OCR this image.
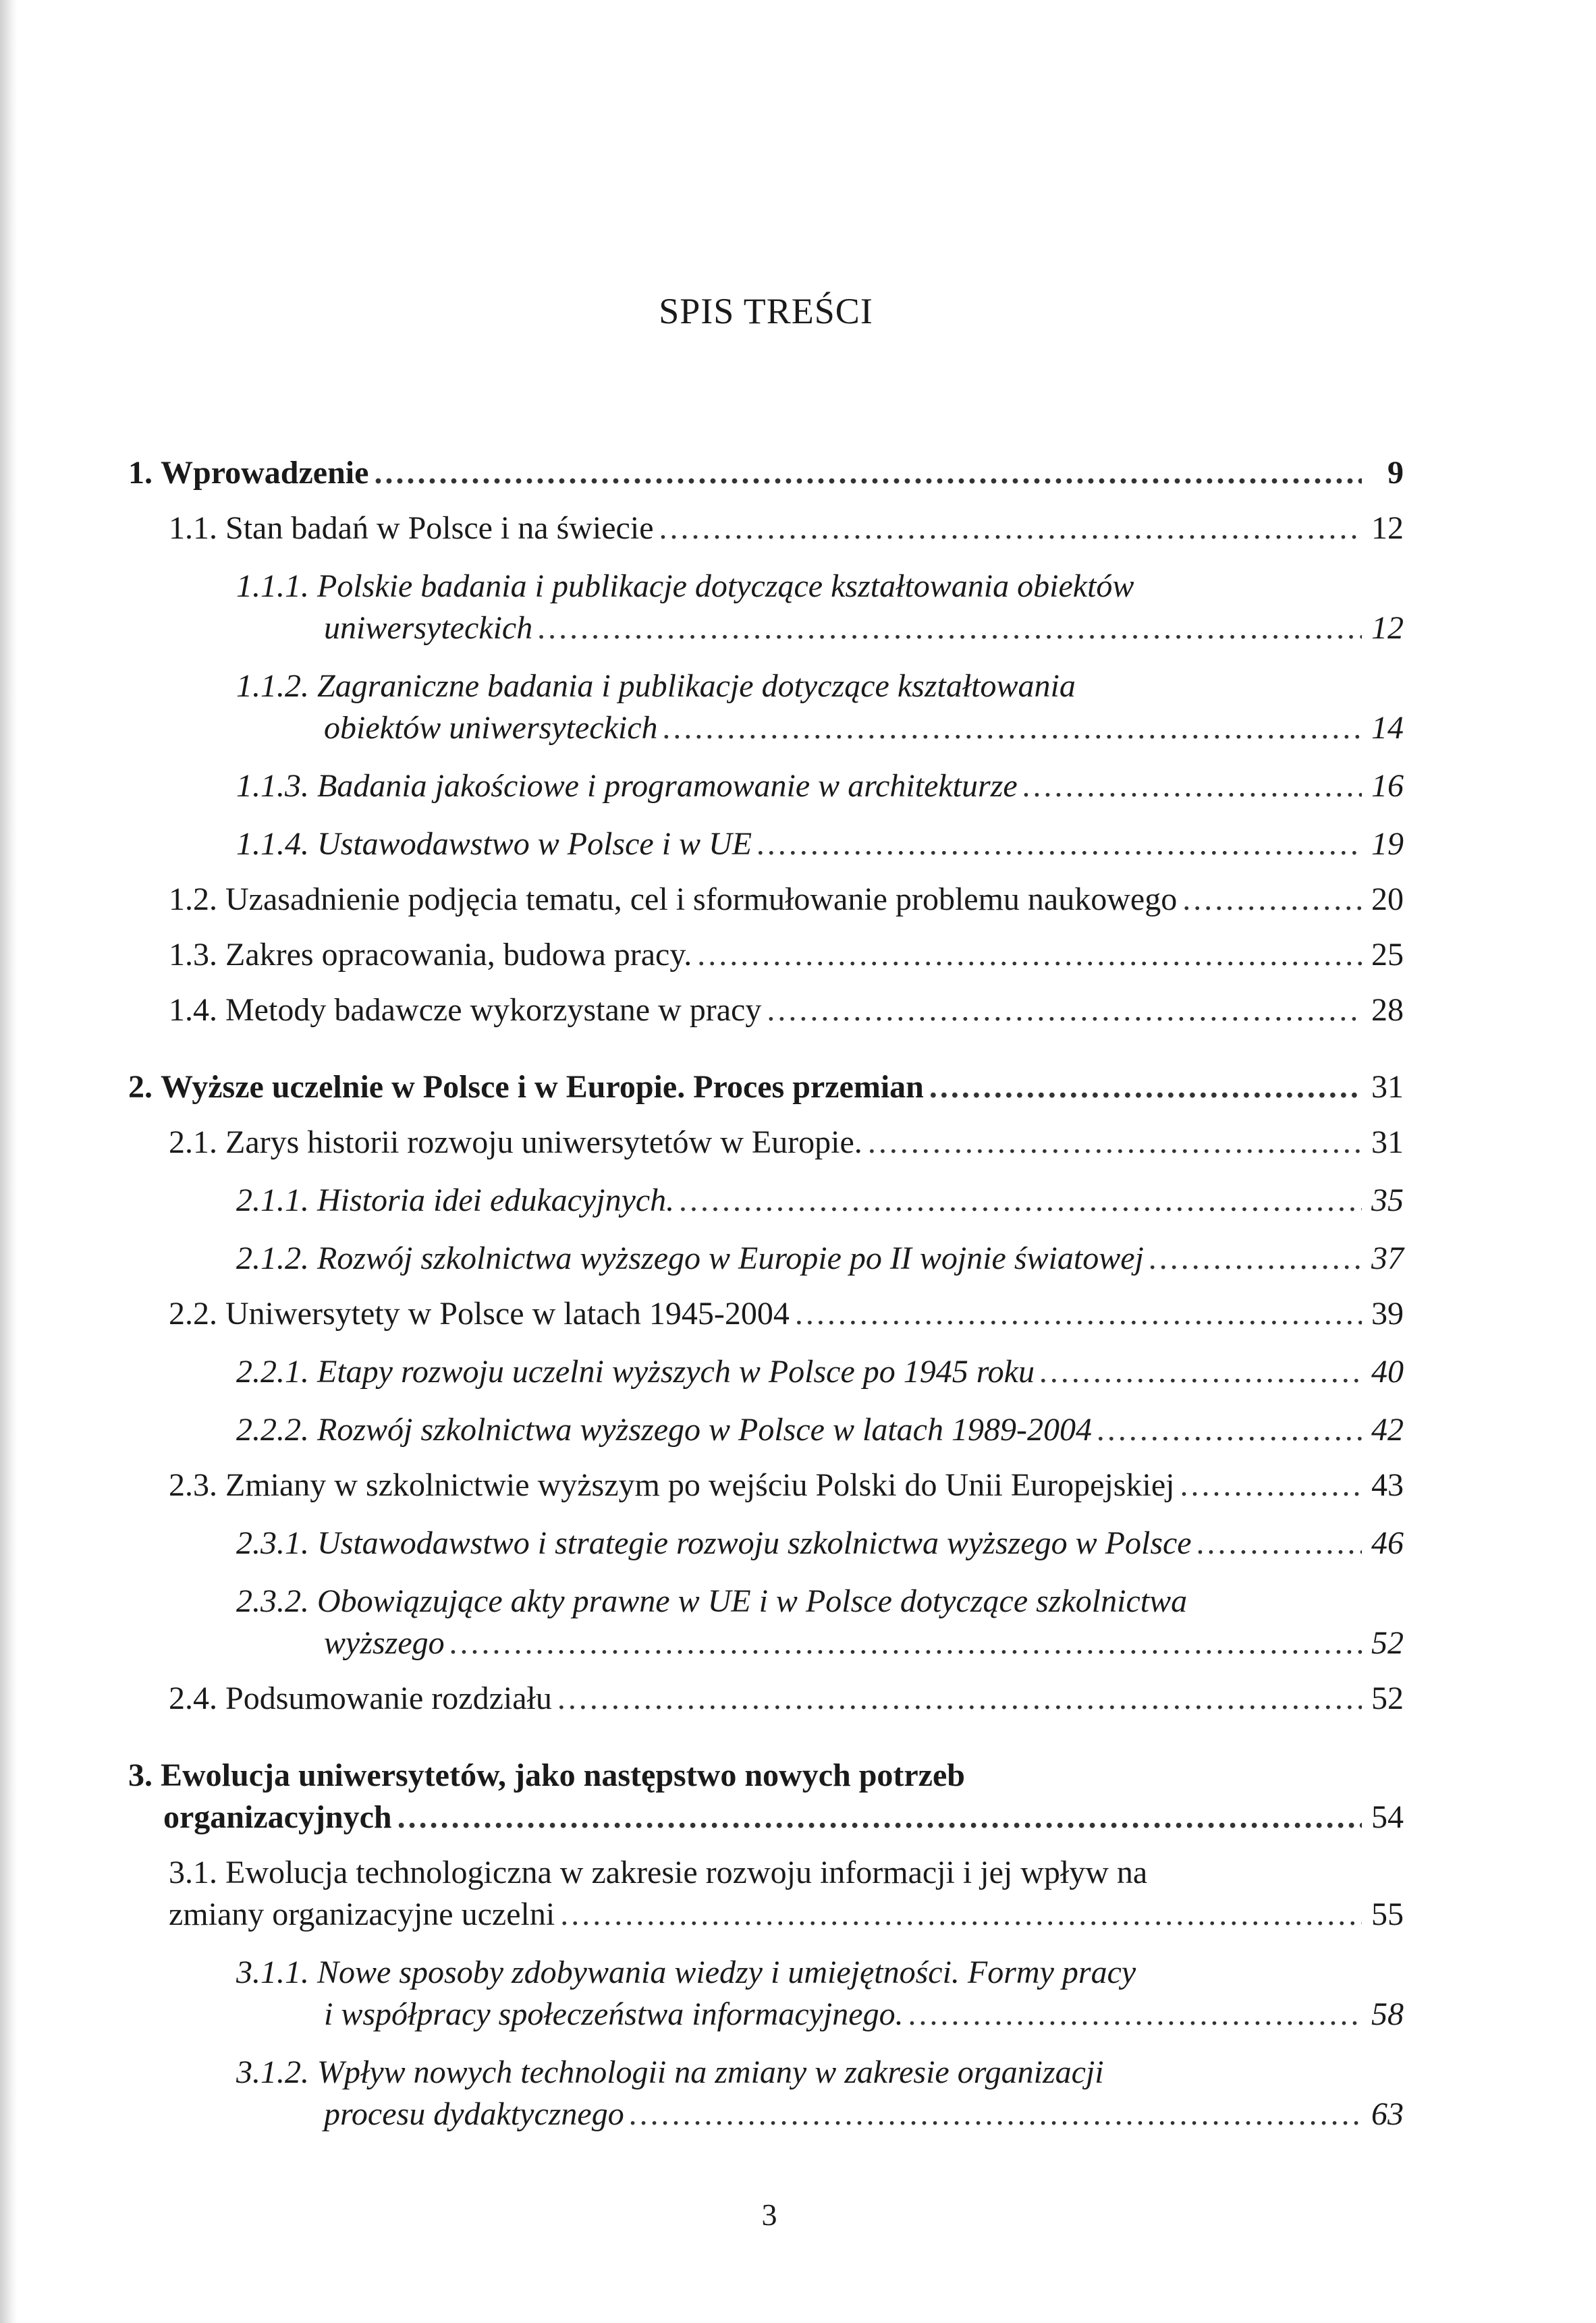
SPIS TREŚCI
1.
Wprowadzenie . . .	9
1.1.
Stan badań w Polsce i na świecie . . .	12
1.1.1. Polskie badania i publikacje dotyczące kształtowania obiektów
uniwersyteckich . . .	12
1.1.2. Zagraniczne badania i publikacje dotyczące kształtowania
obiektów uniwersyteckich . . .	14
1.1.3.
Badania jakościowe i programowanie w architekturze . . .	16
1.1.4.
Ustawodawstwo w Polsce i w UE . . .	19
1.2.
Uzasadnienie podjęcia tematu, cel i sformułowanie problemu naukowego . . .	20
1.3.
Zakres opracowania, budowa pracy. . . .	25
1.4.
Metody badawcze wykorzystane w pracy . . .	28
2.
Wyższe uczelnie w Polsce i w Europie. Proces przemian . . .	31
2.1.
Zarys historii rozwoju uniwersytetów w Europie. . . .	31
2.1.1.
Historia idei edukacyjnych. . . .	35
2.1.2.
Rozwój szkolnictwa wyższego w Europie po II wojnie światowej . . .	37
2.2.
Uniwersytety w Polsce w latach 1945-2004 . . .	39
2.2.1.
Etapy rozwoju uczelni wyższych w Polsce po 1945 roku . . .	40
2.2.2.
Rozwój szkolnictwa wyższego w Polsce w latach 1989-2004 . . .	42
2.3.
Zmiany w szkolnictwie wyższym po wejściu Polski do Unii Europejskiej . . .	43
2.3.1.
Ustawodawstwo i strategie rozwoju szkolnictwa wyższego w Polsce . . .	46
2.3.2. Obowiązujące akty prawne w UE i w Polsce dotyczące szkolnictwa
wyższego . . .	52
2.4.
Podsumowanie rozdziału . . .	52
3. Ewolucja uniwersytetów, jako następstwo nowych potrzeb
organizacyjnych . . .	54
3.1. Ewolucja technologiczna w zakresie rozwoju informacji i jej wpływ na
zmiany organizacyjne uczelni . . .	55
3.1.1. Nowe sposoby zdobywania wiedzy i umiejętności. Formy pracy
i współpracy społeczeństwa informacyjnego. . . .	58
3.1.2. Wpływ nowych technologii na zmiany w zakresie organizacji
procesu dydaktycznego . . .	63
3
